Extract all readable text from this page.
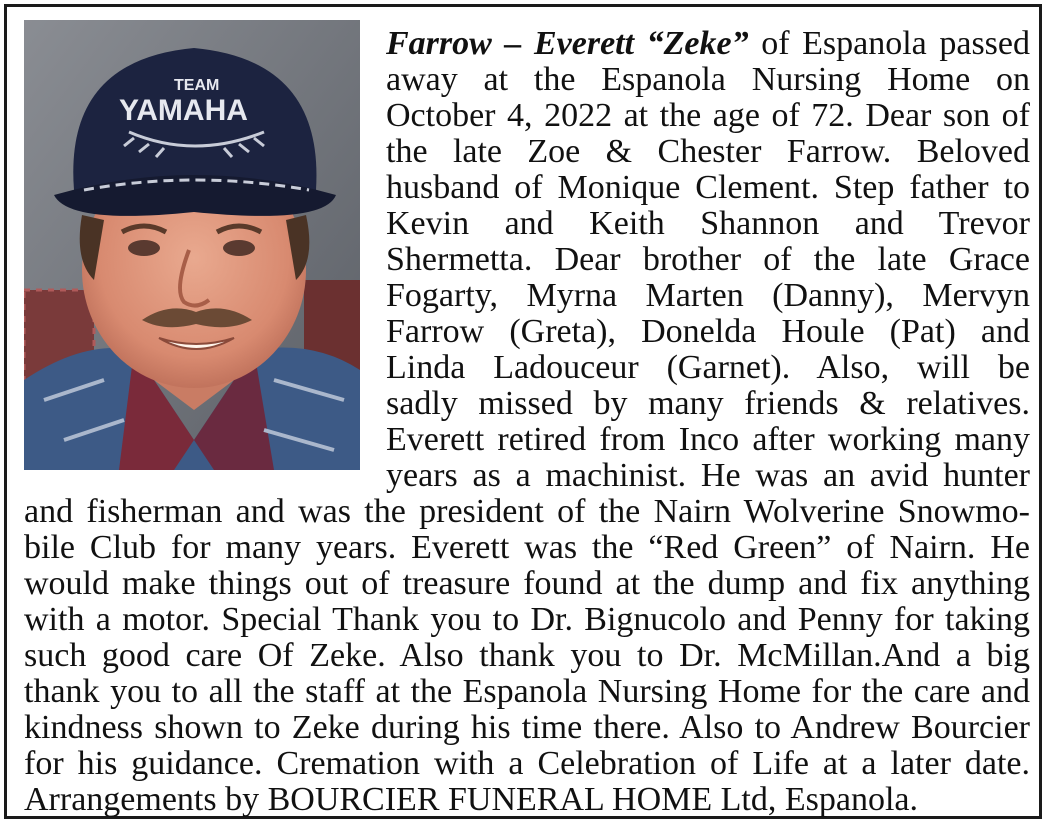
TEAM
YAMAHA

Farrow – Everett “Zeke” of Espanola passed

away at the Espanola Nursing Home on

October 4, 2022 at the age of 72. Dear son of

the late Zoe & Chester Farrow. Beloved

husband of Monique Clement. Step father to

Kevin and Keith Shannon and Trevor

Shermetta. Dear brother of the late Grace

Fogarty, Myrna Marten (Danny), Mervyn

Farrow (Greta), Donelda Houle (Pat) and

Linda Ladouceur (Garnet). Also, will be

sadly missed by many friends & relatives.

Everett retired from Inco after working many

years as a machinist. He was an avid hunter

and fisherman and was the president of the Nairn Wolverine Snowmo-

bile Club for many years. Everett was the “Red Green” of Nairn. He

would make things out of treasure found at the dump and fix anything

with a motor. Special Thank you to Dr. Bignucolo and Penny for taking

such good care Of Zeke. Also thank you to Dr. McMillan.And a big

thank you to all the staff at the Espanola Nursing Home for the care and

kindness shown to Zeke during his time there. Also to Andrew Bourcier

for his guidance. Cremation with a Celebration of Life at a later date.

Arrangements by BOURCIER FUNERAL HOME Ltd, Espanola.
